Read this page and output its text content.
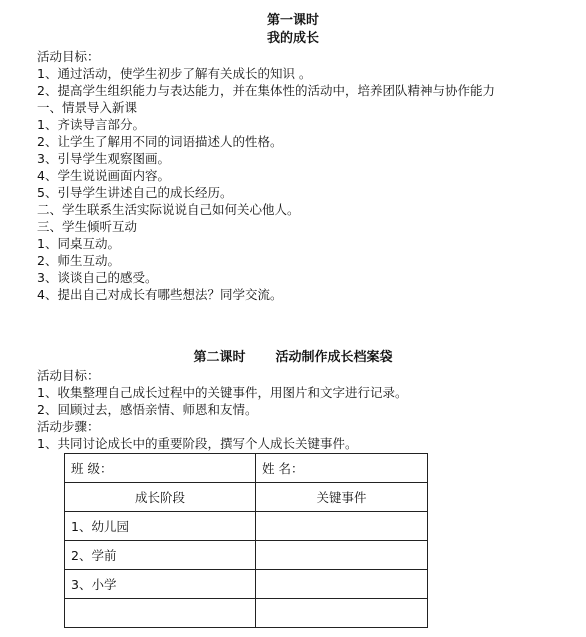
第一课时
我的成长
活动目标：
1、通过活动，使学生初步了解有关成长的知识 。
2、提高学生组织能力与表达能力，并在集体性的活动中，培养团队精神与协作能力
一、情景导入新课
1、齐读导言部分。
2、让学生了解用不同的词语描述人的性格。
3、引导学生观察图画。
4、学生说说画面内容。
5、引导学生讲述自己的成长经历。
二、学生联系生活实际说说自己如何关心他人。
三、学生倾听互动
1、同桌互动。
2、师生互动。
3、谈谈自己的感受。
4、提出自己对成长有哪些想法？同学交流。
第二课时 活动制作成长档案袋
活动目标：
1、收集整理自己成长过程中的关键事件，用图片和文字进行记录。
2、回顾过去，感悟亲情、师恩和友情。
活动步骤：
1、共同讨论成长中的重要阶段，撰写个人成长关键事件。
班 级：	姓 名：
成长阶段	关键事件
1、幼儿园	
2、学前	
3、小学	
